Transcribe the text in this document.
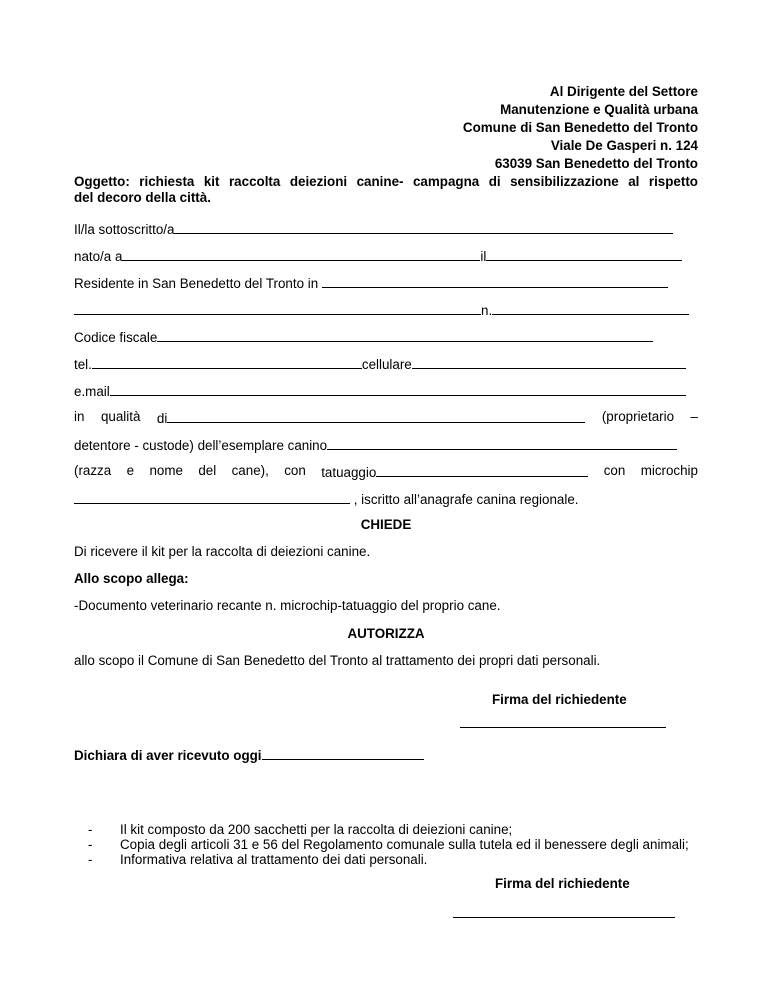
Al Dirigente del Settore
Manutenzione e Qualità urbana
Comune di San Benedetto del Tronto
Viale De Gasperi n. 124
63039 San Benedetto del Tronto
Oggetto: richiesta kit raccolta deiezioni canine- campagna di sensibilizzazione al rispetto
del decoro della città.
Il/la sottoscritto/a
nato/a a	il
Residente in San Benedetto del Tronto in
n.
Codice fiscale
tel.	cellulare
e.mail
in qualità di	(proprietario –
detentore - custode) dell’esemplare canino
(razza e nome del cane), con tatuaggio	con microchip
, iscritto all’anagrafe canina regionale.
CHIEDE
Di ricevere il kit per la raccolta di deiezioni canine.
Allo scopo allega:
-Documento veterinario recante n. microchip-tatuaggio del proprio cane.
AUTORIZZA
allo scopo il Comune di San Benedetto del Tronto al trattamento dei propri dati personali.
Firma del richiedente
Dichiara di aver ricevuto oggi
- Il kit composto da 200 sacchetti per la raccolta di deiezioni canine;
- Copia degli articoli 31 e 56 del Regolamento comunale sulla tutela ed il benessere degli animali;
- Informativa relativa al trattamento dei dati personali.
Firma del richiedente
